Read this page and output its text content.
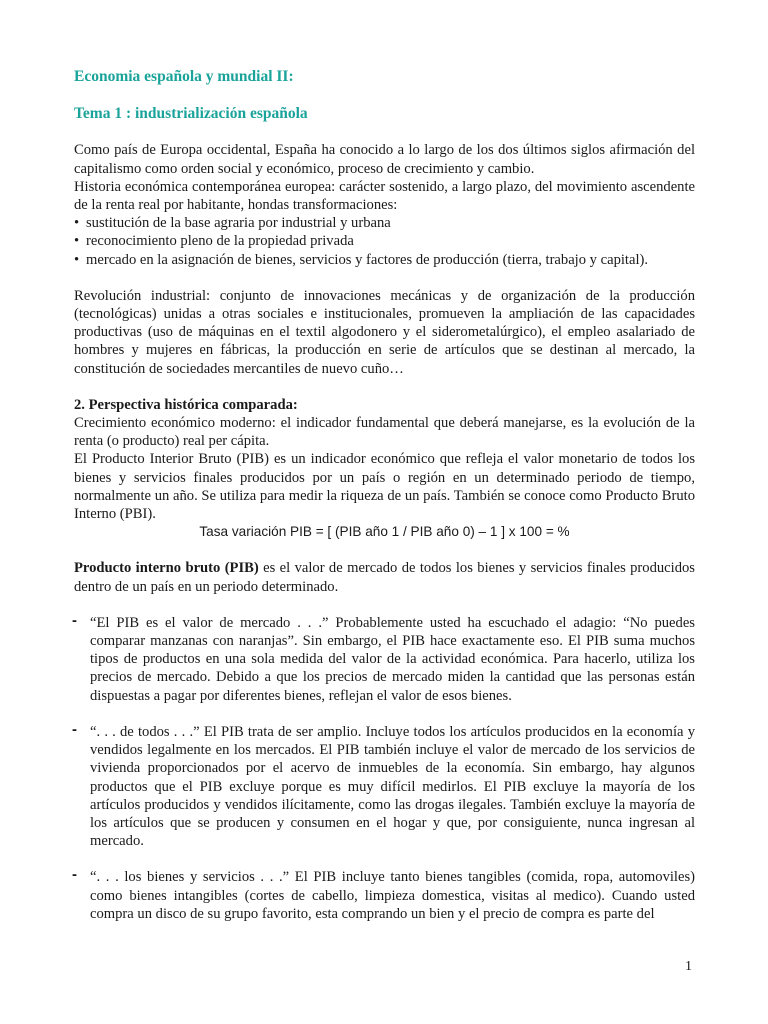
Economia española y mundial II:
Tema 1 : industrialización española

Como país de Europa occidental, España ha conocido a lo largo de los dos últimos siglos afirmación del capitalismo como orden social y económico, proceso de crecimiento y cambio.

Historia económica contemporánea europea: carácter sostenido, a largo plazo, del movimiento ascendente de la renta real por habitante, hondas transformaciones:

• sustitución de la base agraria por industrial y urbana
• reconocimiento pleno de la propiedad privada
• mercado en la asignación de bienes, servicios y factores de producción (tierra, trabajo y capital).

Revolución industrial: conjunto de innovaciones mecánicas y de organización de la producción (tecnológicas) unidas a otras sociales e institucionales, promueven la ampliación de las capacidades productivas (uso de máquinas en el textil algodonero y el siderometalúrgico), el empleo asalariado de hombres y mujeres en fábricas, la producción en serie de artículos que se destinan al mercado, la constitución de sociedades mercantiles de nuevo cuño…

2. Perspectiva histórica comparada:

Crecimiento económico moderno: el indicador fundamental que deberá manejarse, es la evolución de la renta (o producto) real per cápita.

El Producto Interior Bruto (PIB) es un indicador económico que refleja el valor monetario de todos los bienes y servicios finales producidos por un país o región en un determinado periodo de tiempo, normalmente un año. Se utiliza para medir la riqueza de un país. También se conoce como Producto Bruto Interno (PBI).

Tasa variación PIB = [ (PIB año 1 / PIB año 0) – 1 ] x 100 = %

Producto interno bruto (PIB) es el valor de mercado de todos los bienes y servicios finales producidos dentro de un país en un periodo determinado.

- “El PIB es el valor de mercado . . .” Probablemente usted ha escuchado el adagio: “No puedes comparar manzanas con naranjas”. Sin embargo, el PIB hace exactamente eso. El PIB suma muchos tipos de productos en una sola medida del valor de la actividad económica. Para hacerlo, utiliza los precios de mercado. Debido a que los precios de mercado miden la cantidad que las personas están dispuestas a pagar por diferentes bienes, reflejan el valor de esos bienes.

- “. . . de todos . . .” El PIB trata de ser amplio. Incluye todos los artículos producidos en la economía y vendidos legalmente en los mercados. El PIB también incluye el valor de mercado de los servicios de vivienda proporcionados por el acervo de inmuebles de la economía. Sin embargo, hay algunos productos que el PIB excluye porque es muy difícil medirlos. El PIB excluye la mayoría de los artículos producidos y vendidos ilícitamente, como las drogas ilegales. También excluye la mayoría de los artículos que se producen y consumen en el hogar y que, por consiguiente, nunca ingresan al mercado.

- “. . . los bienes y servicios . . .” El PIB incluye tanto bienes tangibles (comida, ropa, automoviles) como bienes intangibles (cortes de cabello, limpieza domestica, visitas al medico). Cuando usted compra un disco de su grupo favorito, esta comprando un bien y el precio de compra es parte del

1
